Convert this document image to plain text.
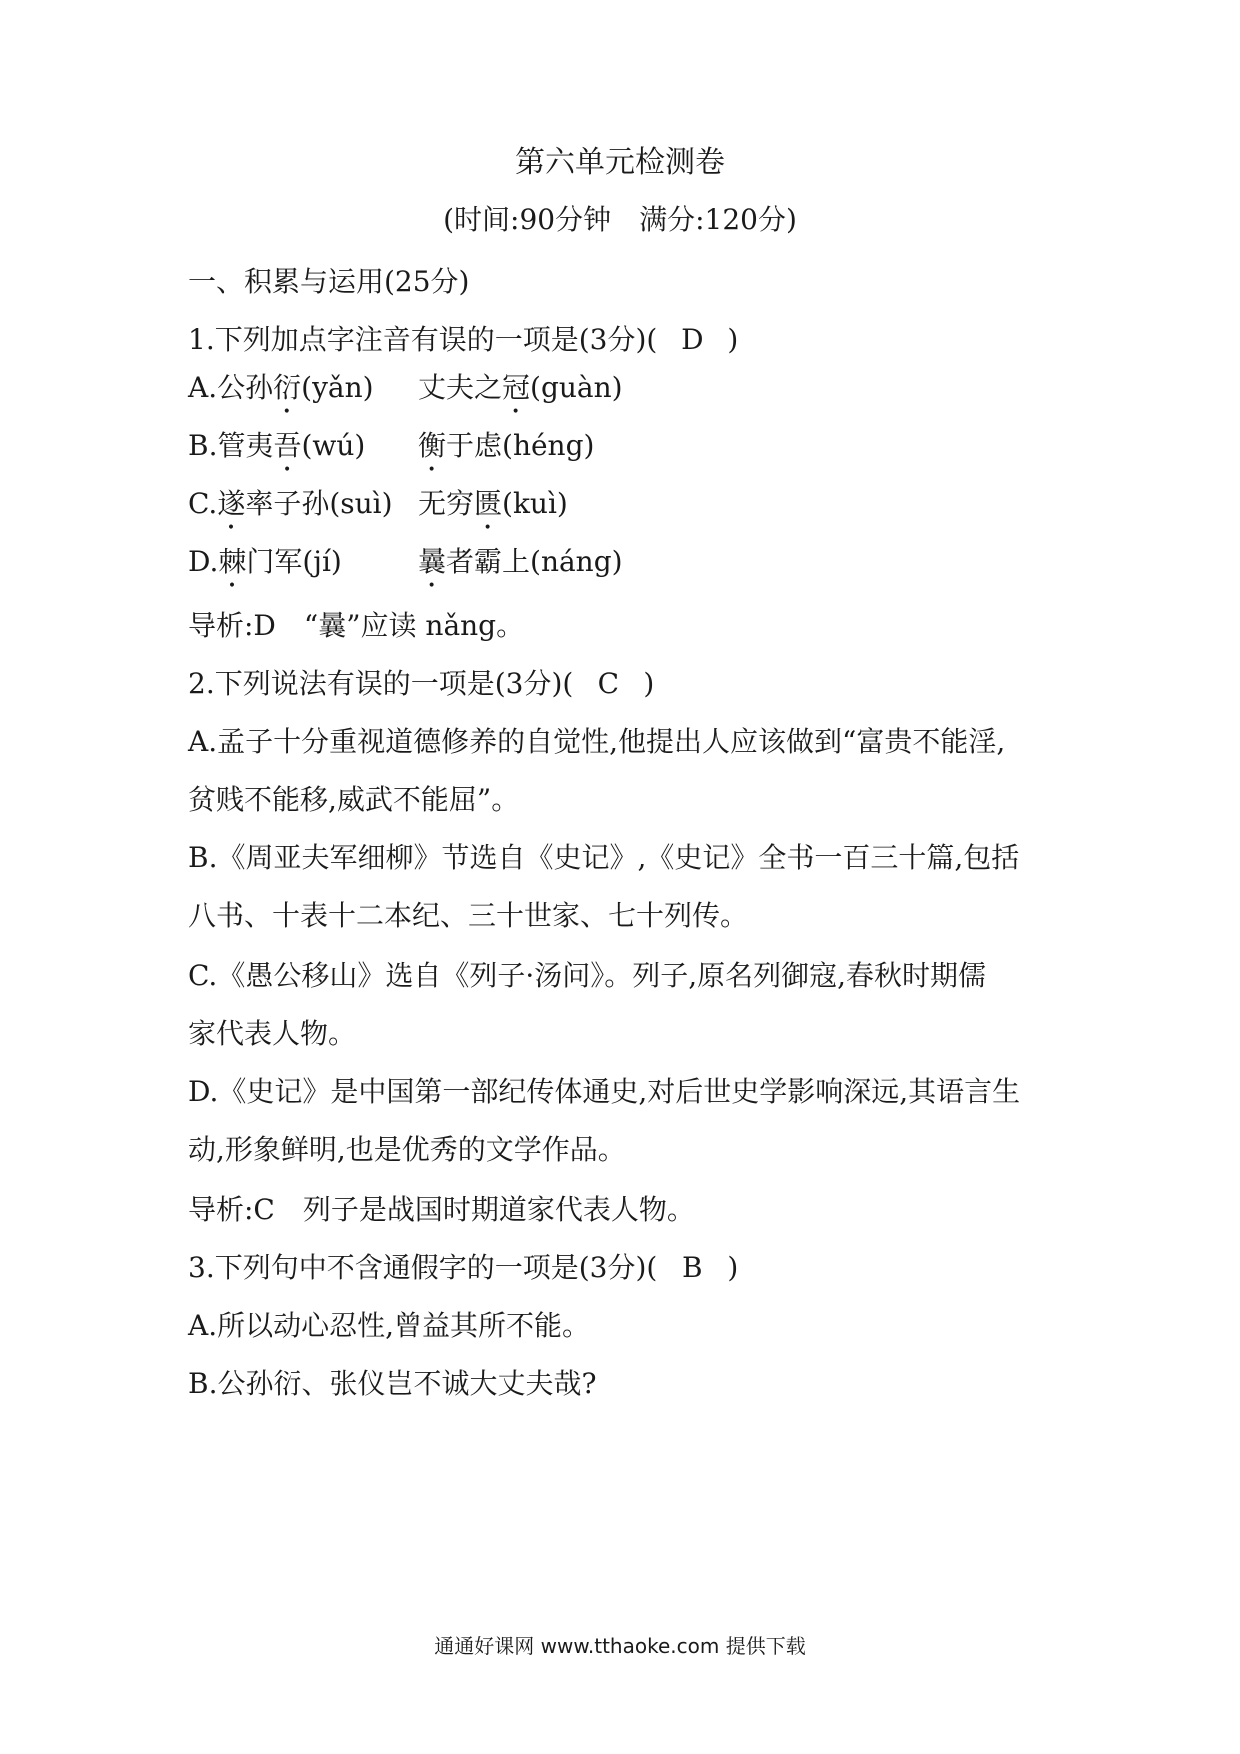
第六单元检测卷
(时间:90分钟　满分:120分)
一、积累与运用(25分)
1.下列加点字注音有误的一项是(3分)( D )
A.公孙衍(yǎn) 丈夫之冠(guàn)
B.管夷吾(wú) 衡于虑(héng)
C.遂率子孙(suì) 无穷匮(kuì)
D.棘门军(jí)	曩者霸上(náng)
导析:D　“曩”应读 nǎng。
2.下列说法有误的一项是(3分)( C )
A.孟子十分重视道德修养的自觉性,他提出人应该做到“富贵不能淫,
贫贱不能移,威武不能屈”。
B.《周亚夫军细柳》节选自《史记》,《史记》全书一百三十篇,包括
八书、十表十二本纪、三十世家、七十列传。
C.《愚公移山》选自《列子·汤问》。列子,原名列御寇,春秋时期儒
家代表人物。
D.《史记》是中国第一部纪传体通史,对后世史学影响深远,其语言生
动,形象鲜明,也是优秀的文学作品。
导析:C　列子是战国时期道家代表人物。
3.下列句中不含通假字的一项是(3分)( B )
A.所以动心忍性,曾益其所不能。
B.公孙衍、张仪岂不诚大丈夫哉?
通通好课网 www.tthaoke.com 提供下载
